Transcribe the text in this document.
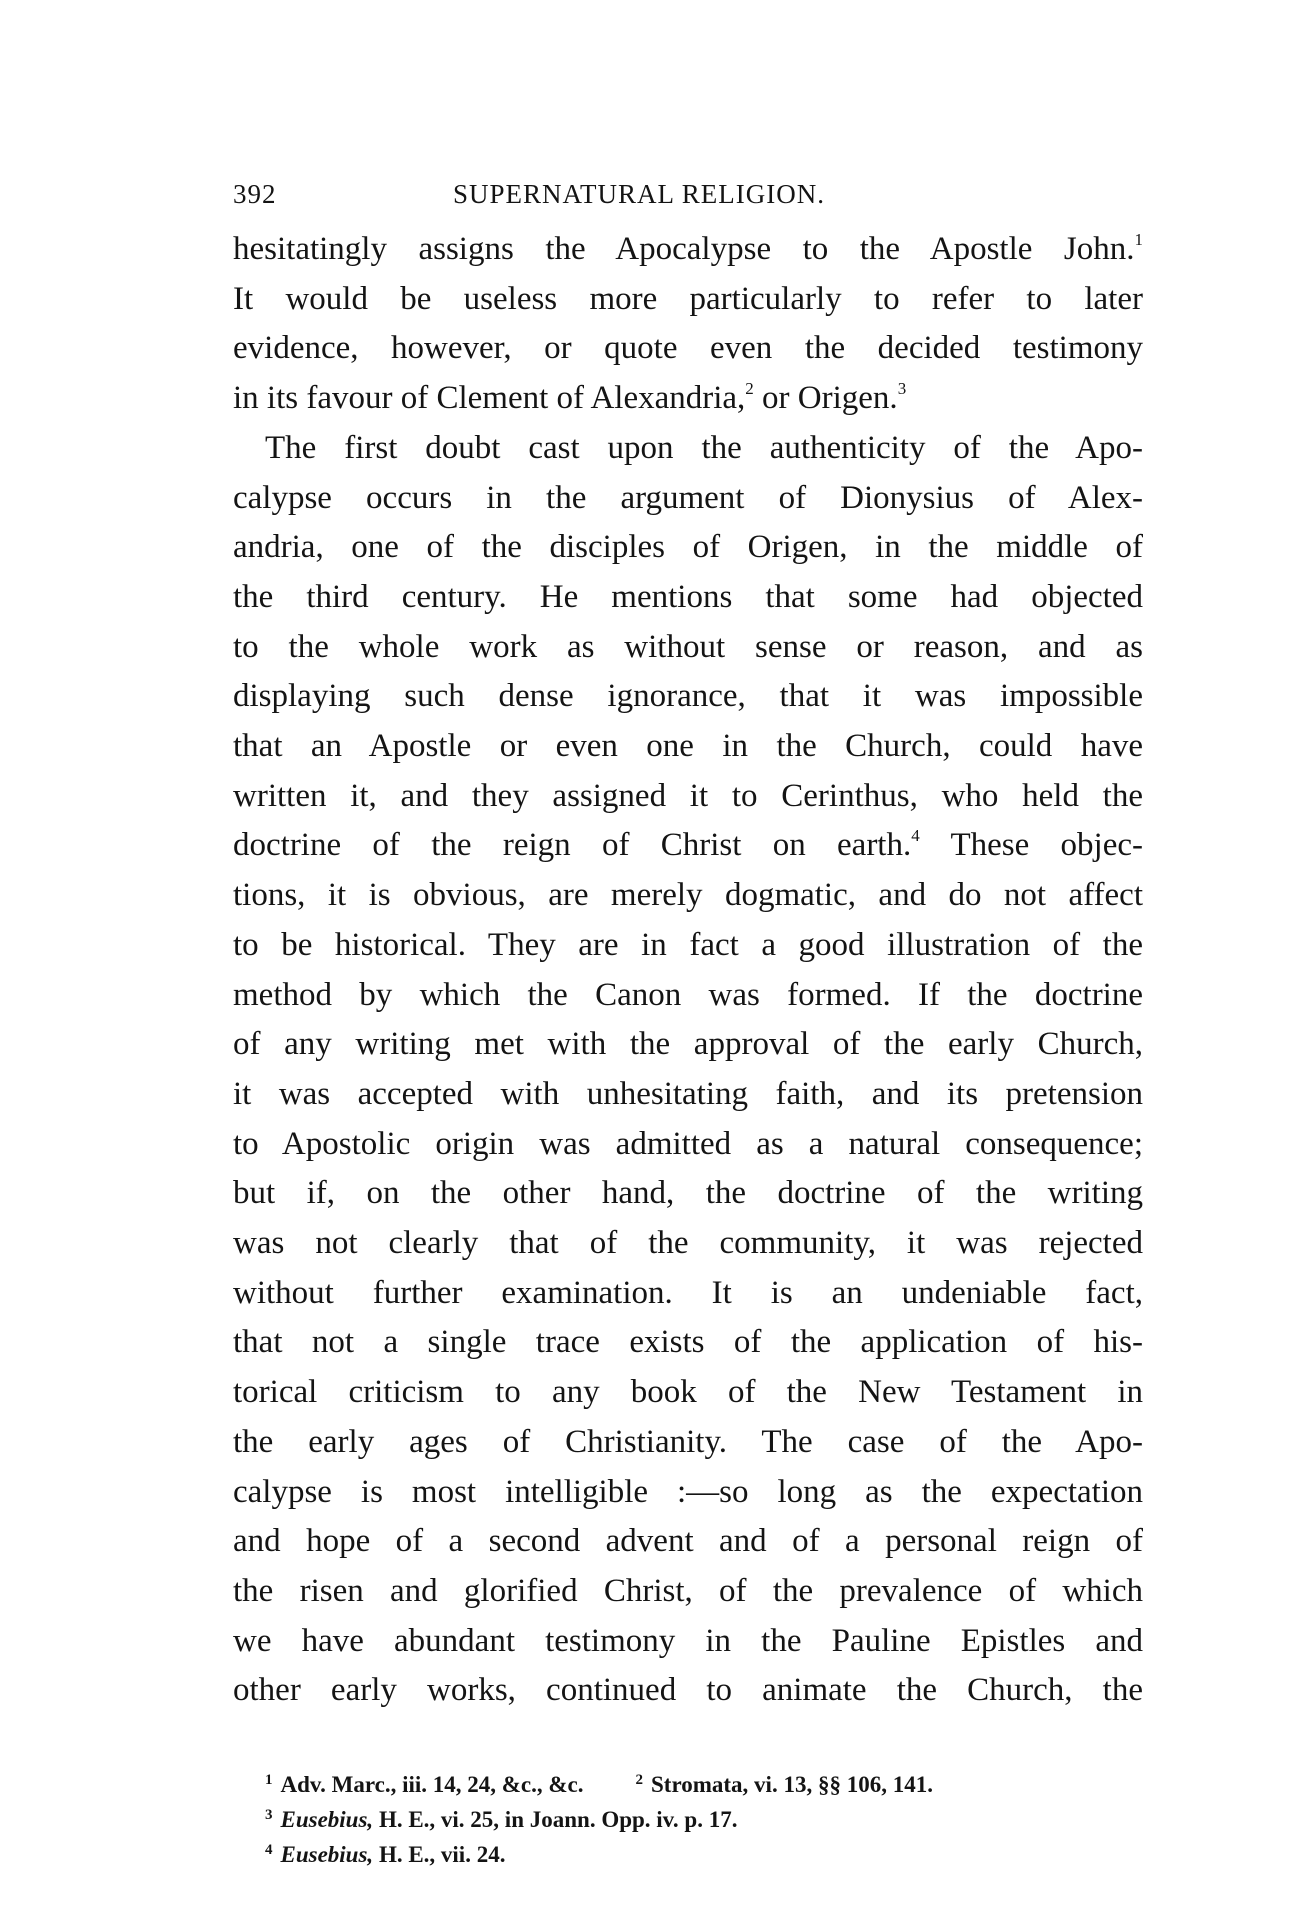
392	SUPERNATURAL RELIGION.
hesitatingly assigns the Apocalypse to the Apostle John.$^1$
It would be useless more particularly to refer to later
evidence, however, or quote even the decided testimony
in its favour of Clement of Alexandria,$^2$ or Origen.$^3$
The first doubt cast upon the authenticity of the Apo-
calypse occurs in the argument of Dionysius of Alex-
andria, one of the disciples of Origen, in the middle of
the third century. He mentions that some had objected
to the whole work as without sense or reason, and as
displaying such dense ignorance, that it was impossible
that an Apostle or even one in the Church, could have
written it, and they assigned it to Cerinthus, who held the
doctrine of the reign of Christ on earth.$^4$ These objec-
tions, it is obvious, are merely dogmatic, and do not affect
to be historical. They are in fact a good illustration of the
method by which the Canon was formed. If the doctrine
of any writing met with the approval of the early Church,
it was accepted with unhesitating faith, and its pretension
to Apostolic origin was admitted as a natural consequence;
but if, on the other hand, the doctrine of the writing
was not clearly that of the community, it was rejected
without further examination. It is an undeniable fact,
that not a single trace exists of the application of his-
torical criticism to any book of the New Testament in
the early ages of Christianity. The case of the Apo-
calypse is most intelligible :—so long as the expectation
and hope of a second advent and of a personal reign of
the risen and glorified Christ, of the prevalence of which
we have abundant testimony in the Pauline Epistles and
other early works, continued to animate the Church, the
$^1$ Adv. Marc., iii. 14, 24, &c., &c.	$^2$ Stromata, vi. 13, §§ 106, 141.
$^3$ Eusebius, H. E., vi. 25, in Joann. Opp. iv. p. 17.
$^4$ Eusebius, H. E., vii. 24.
